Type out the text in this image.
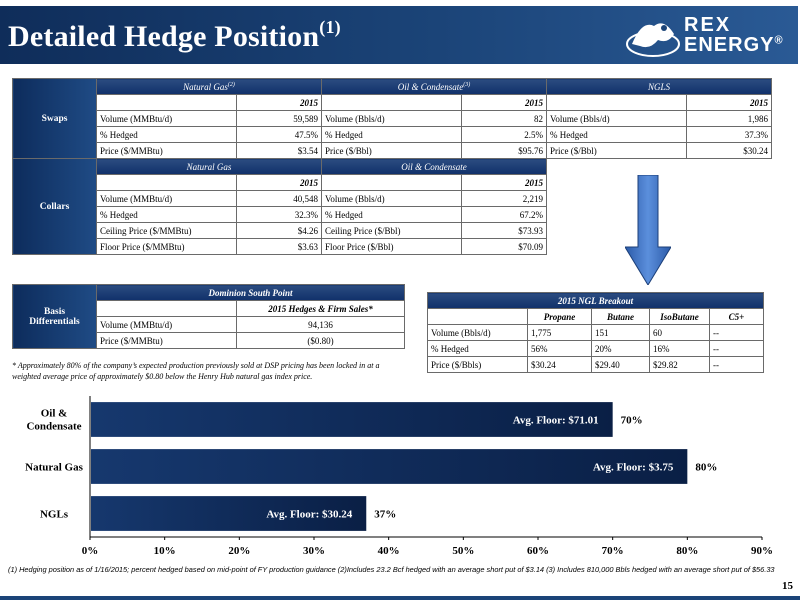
Detailed Hedge Position$^{(1)}$	REX
ENERGY®
Swaps	Natural Gas$^{(2)}$		Oil & Condensate$^{(3)}$		NGLS	
		2015		2015		2015
	Volume (MMBtu/d)	59,589	Volume (Bbls/d)	82	Volume (Bbls/d)	1,986
	% Hedged	47.5%	% Hedged	2.5%	% Hedged	37.3%
	Price ($/MMBtu)	$3.54	Price ($/Bbl)	$95.76	Price ($/Bbl)	$30.24
Collars	Natural Gas		Oil & Condensate			
		2015		2015		
	Volume (MMBtu/d)	40,548	Volume (Bbls/d)	2,219		
	% Hedged	32.3%	% Hedged	67.2%		
	Ceiling Price ($/MMBtu)	$4.26	Ceiling Price ($/Bbl)	$73.93		
	Floor Price ($/MMBtu)	$3.63	Floor Price ($/Bbl)	$70.09		
Basis
Differentials	Dominion South Point	
		2015 Hedges & Firm Sales*
	Volume (MMBtu/d)	94,136
	Price ($/MMBtu)	($0.80)
* Approximately 80% of the company’s expected production previously sold at DSP pricing has been locked in at a weighted average price of approximately $0.80 below the Henry Hub natural gas index price.
2015 NGL Breakout				
	Propane	Butane	IsoButane	C5+
Volume (Bbls/d)	1,775	151	60	--
% Hedged	56%	20%	16%	--
Price ($/Bbls)	$30.24	$29.40	$29.82	--
0%	10%	20%	30%	40%	50%	60%	70%	80%	90%
Oil &
Condensate	Avg. Floor: $71.01 70%
Natural Gas	Avg. Floor: $3.75 80%
NGLs	Avg. Floor: $30.24 37%
(1) Hedging position as of 1/16/2015; percent hedged based on mid-point of FY production guidance (2)Includes 23.2 Bcf hedged with an average short put of $3.14 (3) Includes 810,000 Bbls hedged with an average short put of $56.33
15
